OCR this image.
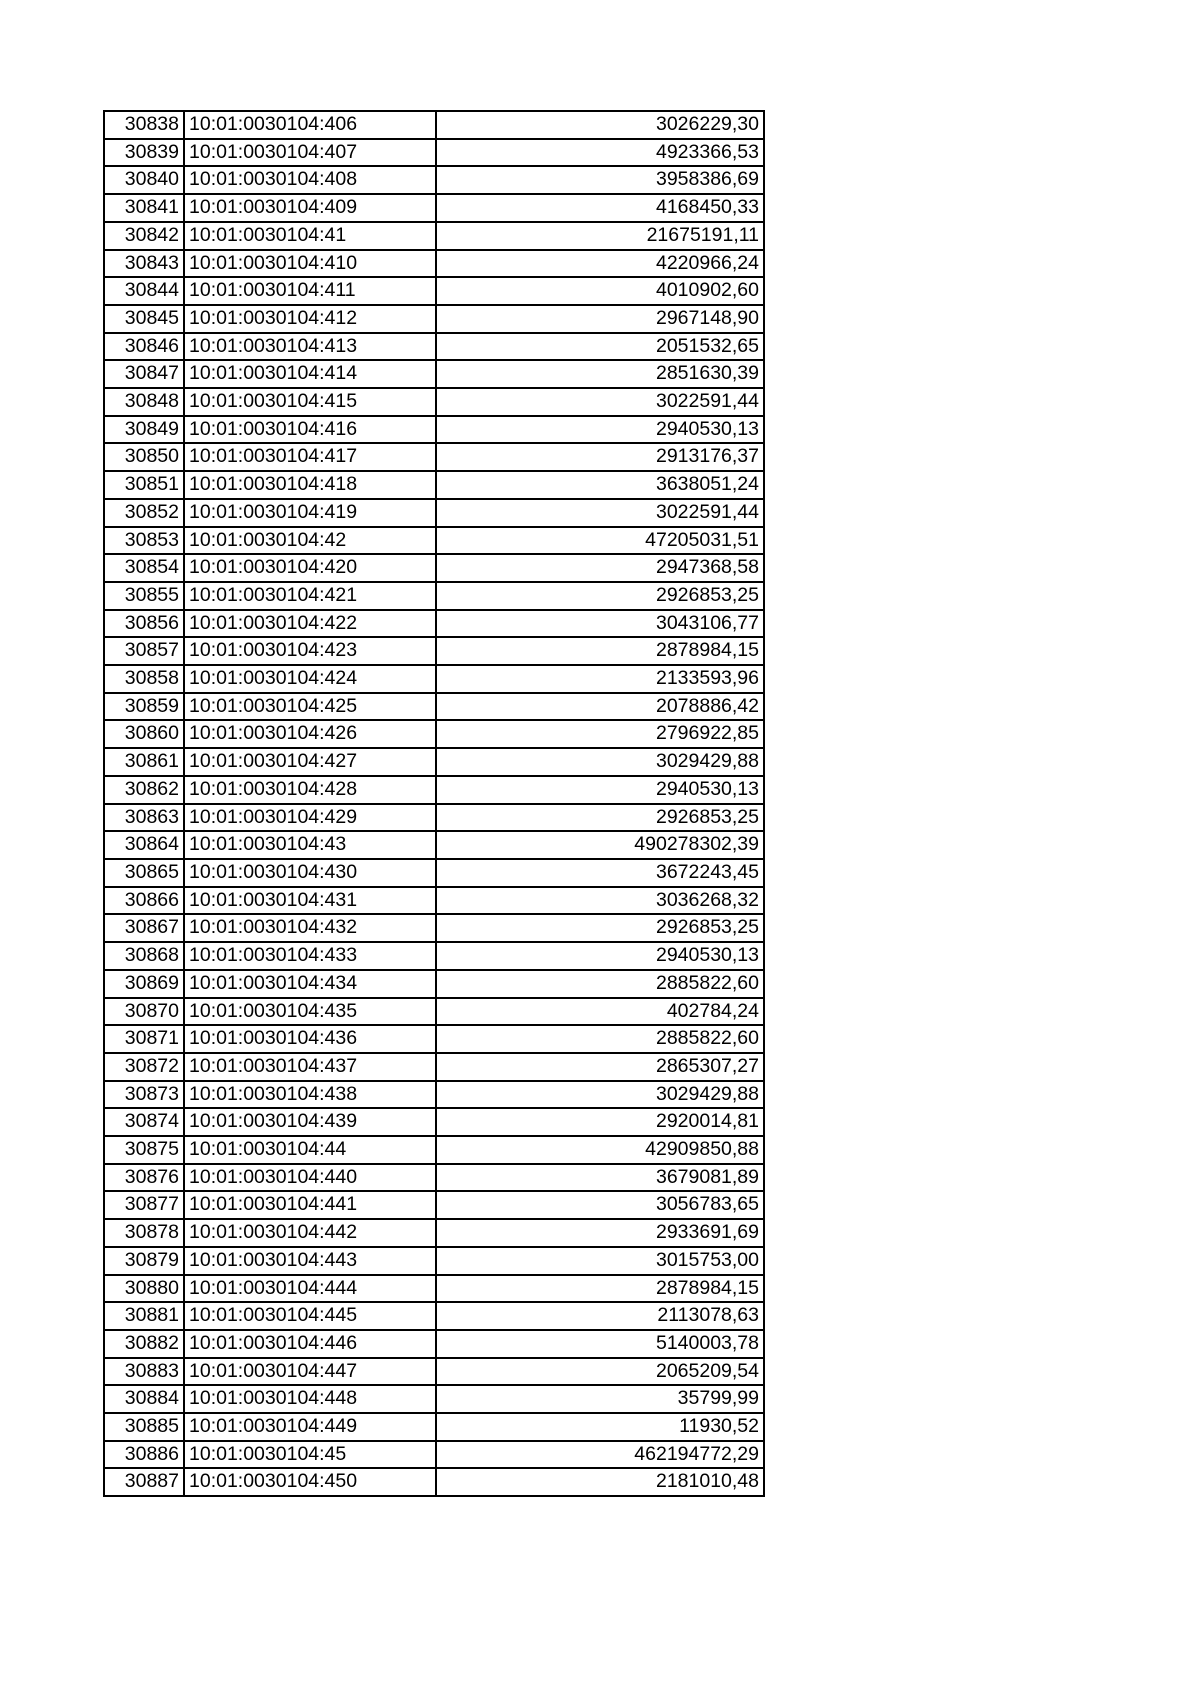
30838	10:01:0030104:406	3026229,30
30839	10:01:0030104:407	4923366,53
30840	10:01:0030104:408	3958386,69
30841	10:01:0030104:409	4168450,33
30842	10:01:0030104:41	21675191,11
30843	10:01:0030104:410	4220966,24
30844	10:01:0030104:411	4010902,60
30845	10:01:0030104:412	2967148,90
30846	10:01:0030104:413	2051532,65
30847	10:01:0030104:414	2851630,39
30848	10:01:0030104:415	3022591,44
30849	10:01:0030104:416	2940530,13
30850	10:01:0030104:417	2913176,37
30851	10:01:0030104:418	3638051,24
30852	10:01:0030104:419	3022591,44
30853	10:01:0030104:42	47205031,51
30854	10:01:0030104:420	2947368,58
30855	10:01:0030104:421	2926853,25
30856	10:01:0030104:422	3043106,77
30857	10:01:0030104:423	2878984,15
30858	10:01:0030104:424	2133593,96
30859	10:01:0030104:425	2078886,42
30860	10:01:0030104:426	2796922,85
30861	10:01:0030104:427	3029429,88
30862	10:01:0030104:428	2940530,13
30863	10:01:0030104:429	2926853,25
30864	10:01:0030104:43	490278302,39
30865	10:01:0030104:430	3672243,45
30866	10:01:0030104:431	3036268,32
30867	10:01:0030104:432	2926853,25
30868	10:01:0030104:433	2940530,13
30869	10:01:0030104:434	2885822,60
30870	10:01:0030104:435	402784,24
30871	10:01:0030104:436	2885822,60
30872	10:01:0030104:437	2865307,27
30873	10:01:0030104:438	3029429,88
30874	10:01:0030104:439	2920014,81
30875	10:01:0030104:44	42909850,88
30876	10:01:0030104:440	3679081,89
30877	10:01:0030104:441	3056783,65
30878	10:01:0030104:442	2933691,69
30879	10:01:0030104:443	3015753,00
30880	10:01:0030104:444	2878984,15
30881	10:01:0030104:445	2113078,63
30882	10:01:0030104:446	5140003,78
30883	10:01:0030104:447	2065209,54
30884	10:01:0030104:448	35799,99
30885	10:01:0030104:449	11930,52
30886	10:01:0030104:45	462194772,29
30887	10:01:0030104:450	2181010,48
